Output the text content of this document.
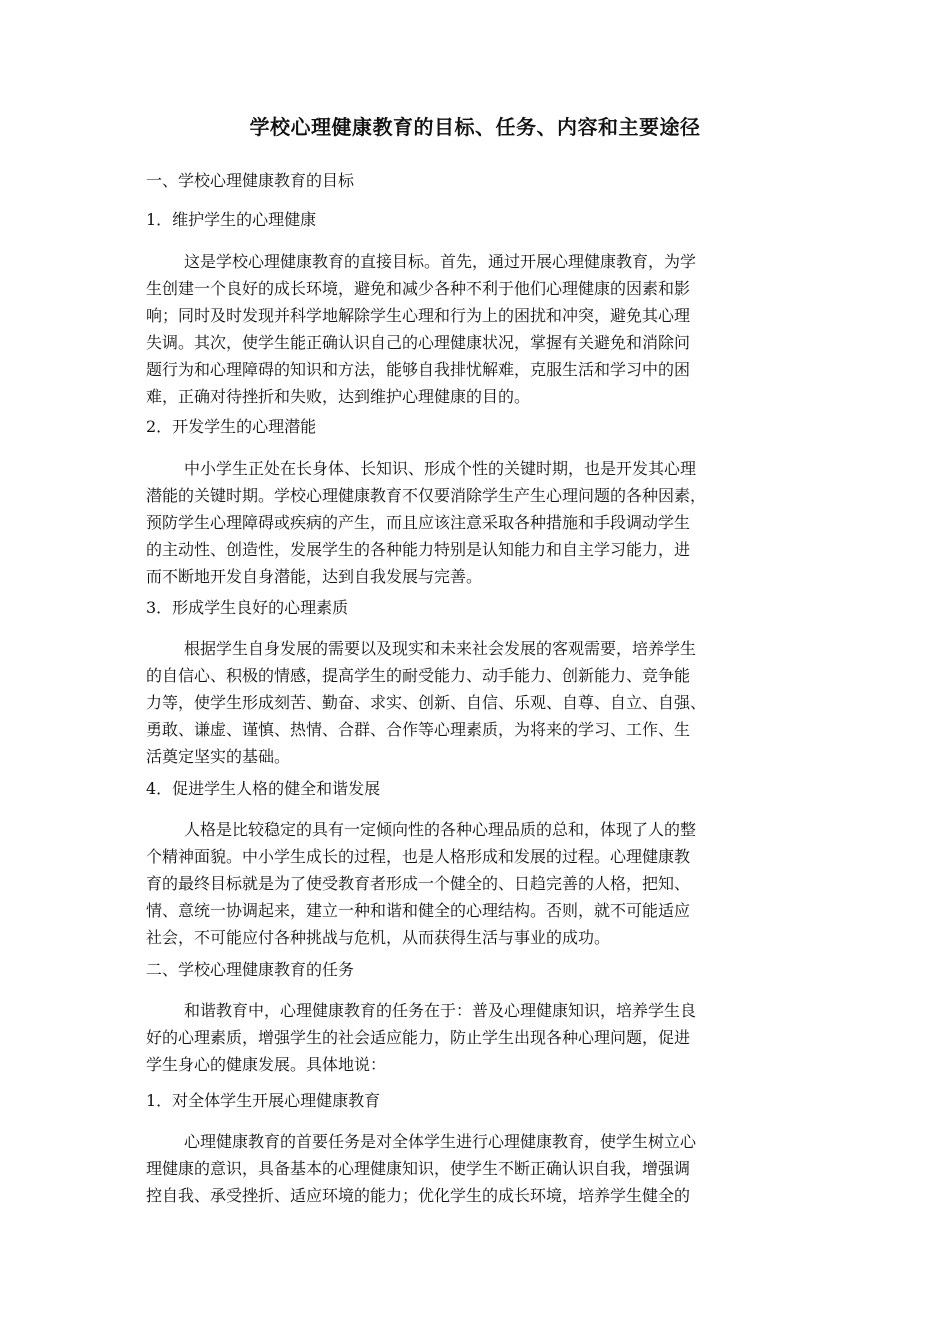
学校心理健康教育的目标、任务、内容和主要途径
一、学校心理健康教育的目标
1．维护学生的心理健康
这是学校心理健康教育的直接目标。首先，通过开展心理健康教育，为学
生创建一个良好的成长环境，避免和减少各种不利于他们心理健康的因素和影
响；同时及时发现并科学地解除学生心理和行为上的困扰和冲突，避免其心理
失调。其次，使学生能正确认识自己的心理健康状况，掌握有关避免和消除问
题行为和心理障碍的知识和方法，能够自我排忧解难，克服生活和学习中的困
难，正确对待挫折和失败，达到维护心理健康的目的。
2．开发学生的心理潜能
中小学生正处在长身体、长知识、形成个性的关键时期，也是开发其心理
潜能的关键时期。学校心理健康教育不仅要消除学生产生心理问题的各种因素，
预防学生心理障碍或疾病的产生，而且应该注意采取各种措施和手段调动学生
的主动性、创造性，发展学生的各种能力特别是认知能力和自主学习能力，进
而不断地开发自身潜能，达到自我发展与完善。
3．形成学生良好的心理素质
根据学生自身发展的需要以及现实和未来社会发展的客观需要，培养学生
的自信心、积极的情感，提高学生的耐受能力、动手能力、创新能力、竞争能
力等，使学生形成刻苦、勤奋、求实、创新、自信、乐观、自尊、自立、自强、
勇敢、谦虚、谨慎、热情、合群、合作等心理素质，为将来的学习、工作、生
活奠定坚实的基础。
4．促进学生人格的健全和谐发展
人格是比较稳定的具有一定倾向性的各种心理品质的总和，体现了人的整
个精神面貌。中小学生成长的过程，也是人格形成和发展的过程。心理健康教
育的最终目标就是为了使受教育者形成一个健全的、日趋完善的人格，把知、
情、意统一协调起来，建立一种和谐和健全的心理结构。否则，就不可能适应
社会，不可能应付各种挑战与危机，从而获得生活与事业的成功。
二、学校心理健康教育的任务
和谐教育中，心理健康教育的任务在于：普及心理健康知识，培养学生良
好的心理素质，增强学生的社会适应能力，防止学生出现各种心理问题，促进
学生身心的健康发展。具体地说：
1．对全体学生开展心理健康教育
心理健康教育的首要任务是对全体学生进行心理健康教育，使学生树立心
理健康的意识，具备基本的心理健康知识，使学生不断正确认识自我，增强调
控自我、承受挫折、适应环境的能力；优化学生的成长环境，培养学生健全的
